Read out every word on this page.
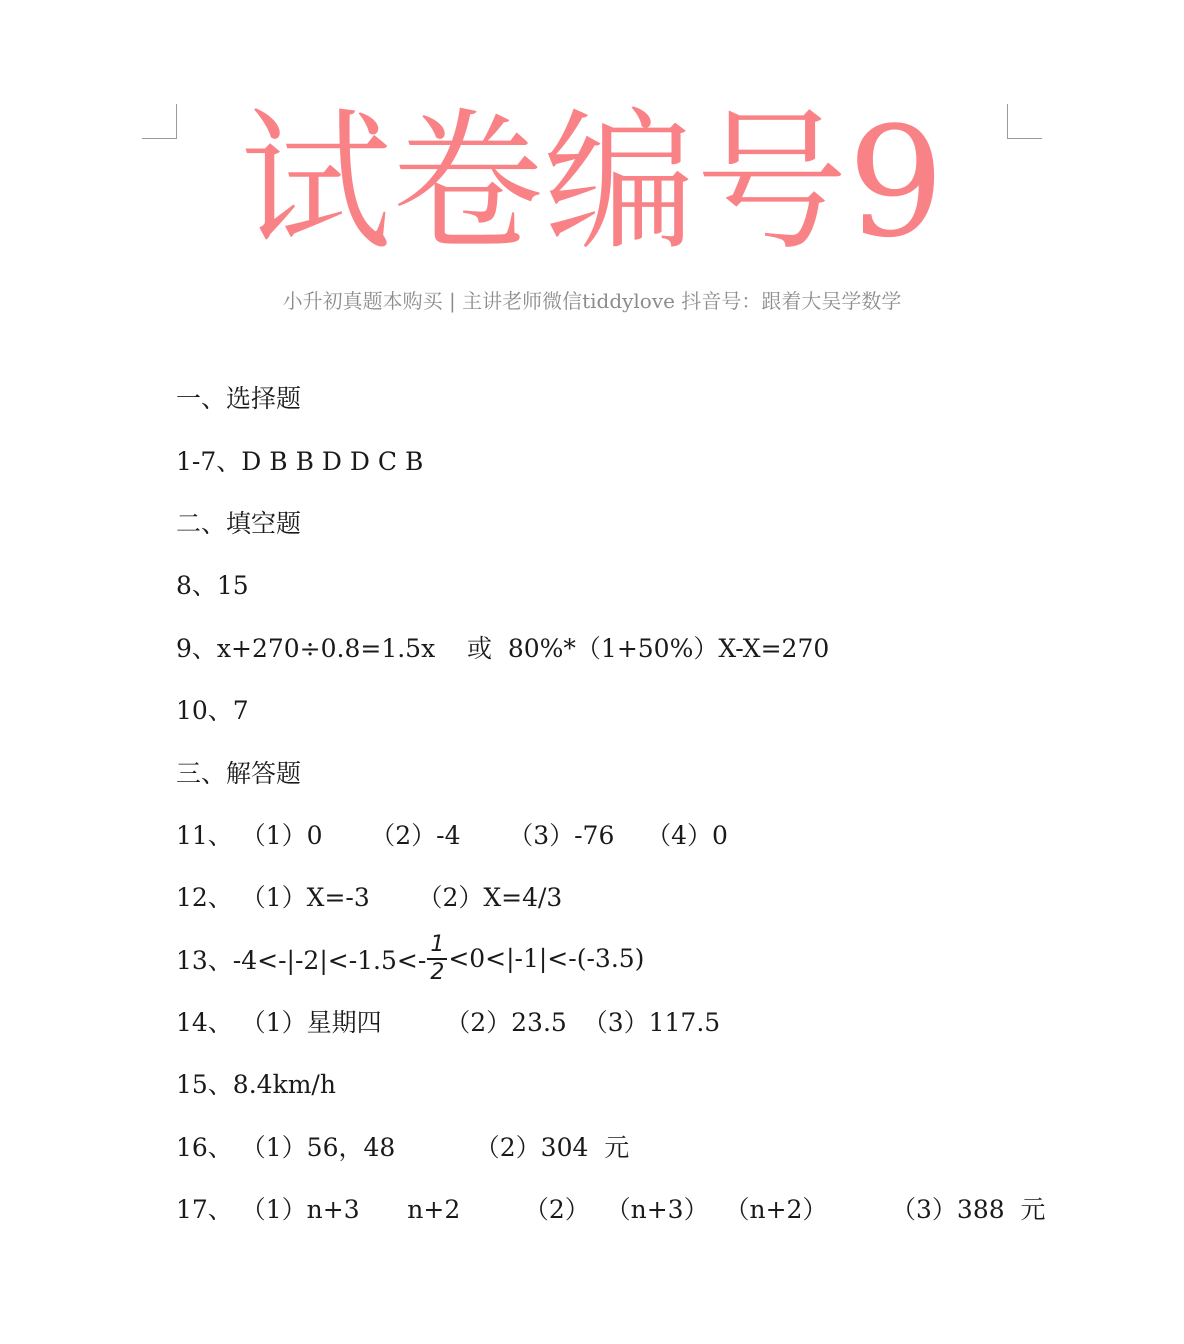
试卷编号9
小升初真题本购买 | 主讲老师微信tiddylove 抖音号：跟着大吴学数学
一、选择题
1-7、D B B D D C B
二、填空题
8、15
9、x+270÷0.8=1.5x    或  80%*（1+50%）X-X=270
10、7
三、解答题
11、 （1）0      （2）-4      （3）-76    （4）0
12、 （1）X=-3      （2）X=4/3
13、$-4<-|-2|<-1.5<- \frac{1}{2} <0<|-1|<-(-3.5)$
14、 （1）星期四        （2）23.5  （3）117.5
15、8.4km/h
16、 （1）56，48          （2）304  元
17、 （1）n+3      n+2        （2）  （n+3）  （n+2）        （3）388  元
